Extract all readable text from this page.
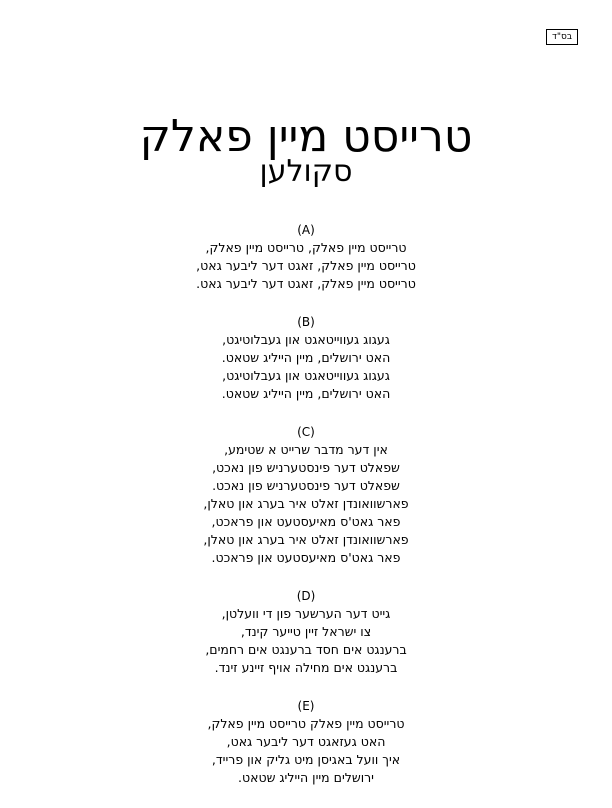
בס"ד
טרייסט מיין פאלק
סקולען
(A)
טרייסט מיין פאלק, טרייסט מיין פאלק,
טרייסט מיין פאלק, זאגט דער ליבער גאט,
טרייסט מיין פאלק, זאגט דער ליבער גאט.
(B)
געגוג געווייטאגט און געבלוטיגט,
האט ירושלים, מיין הייליג שטאט.
געגוג געווייטאגט און געבלוטיגט,
האט ירושלים, מיין הייליג שטאט.
(C)
אין דער מדבר שרייט א שטימע,
שפאלט דער פינסטערניש פון נאכט,
שפאלט דער פינסטערניש פון נאכט.
פארשוואונדן זאלט איר בערג און טאלן,
פאר גאט'ס מאיעסטעט און פראכט,
פארשוואונדן זאלט איר בערג און טאלן,
פאר גאט'ס מאיעסטעט און פראכט.
(D)
גייט דער הערשער פון די וועלטן,
צו ישראל זיין טייער קינד,
ברענגט אים חסד ברענגט אים רחמים,
ברענגט אים מחילה אויף זיינע זינד.
(E)
טרייסט מיין פאלק טרייסט מיין פאלק,
האט געזאגט דער ליבער גאט,
איך וועל באגיסן מיט גליק און פרייד,
ירושלים מיין הייליג שטאט.
